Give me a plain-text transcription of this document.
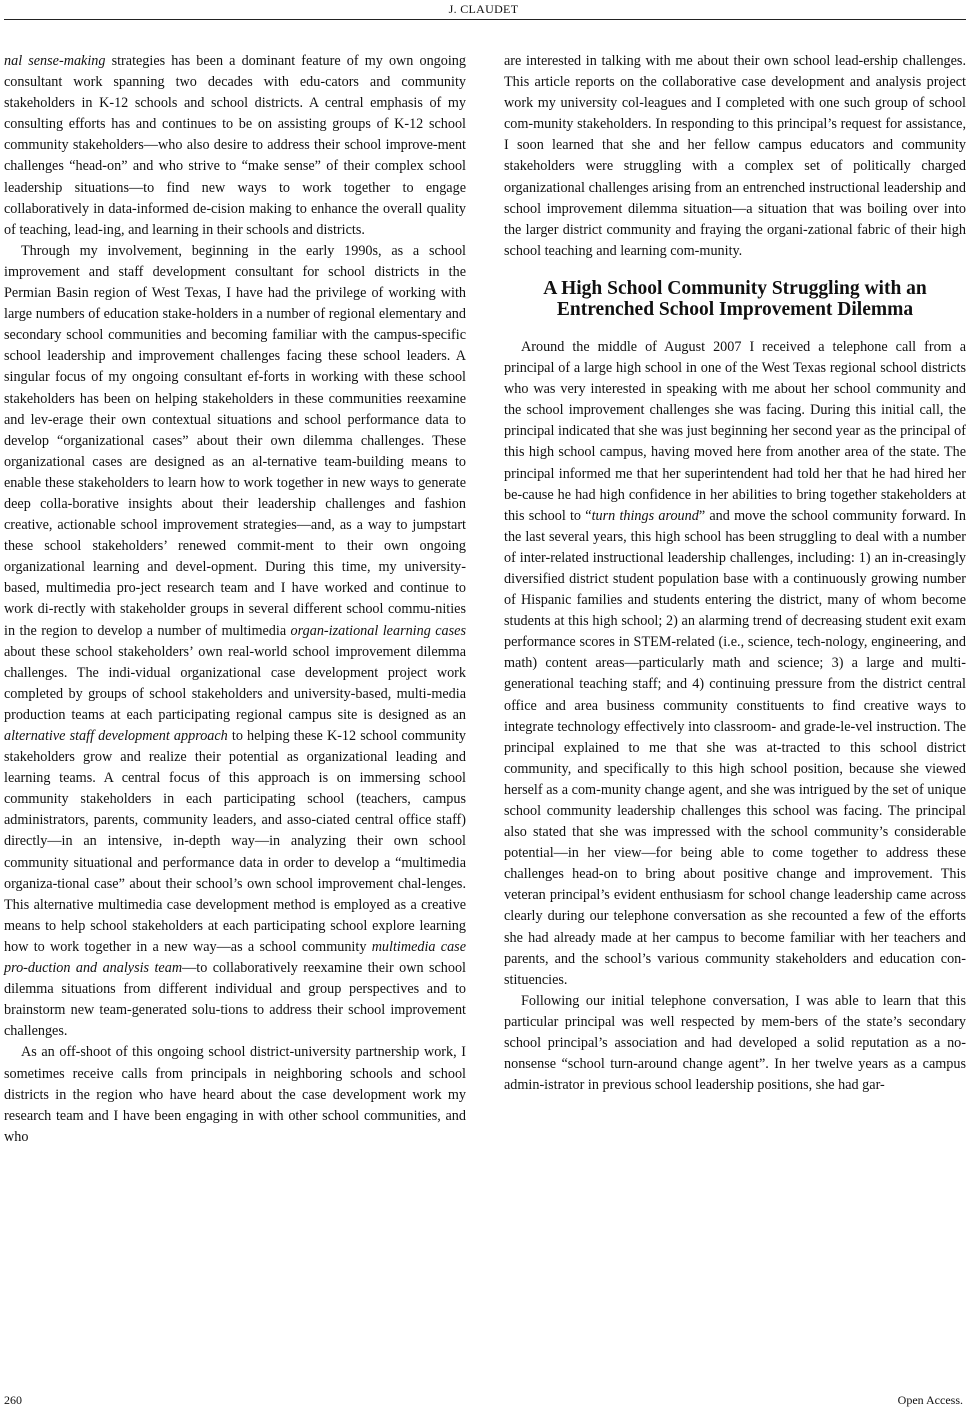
J. CLAUDET

nal sense-making strategies has been a dominant feature of my own ongoing consultant work spanning two decades with edu-cators and community stakeholders in K-12 schools and school districts. A central emphasis of my consulting efforts has and continues to be on assisting groups of K-12 school community stakeholders—who also desire to address their school improve-ment challenges “head-on” and who strive to “make sense” of their complex school leadership situations—to find new ways to work together to engage collaboratively in data-informed de-cision making to enhance the overall quality of teaching, lead-ing, and learning in their schools and districts.

Through my involvement, beginning in the early 1990s, as a school improvement and staff development consultant for school districts in the Permian Basin region of West Texas, I have had the privilege of working with large numbers of education stake-holders in a number of regional elementary and secondary school communities and becoming familiar with the campus-specific school leadership and improvement challenges facing these school leaders. A singular focus of my ongoing consultant ef-forts in working with these school stakeholders has been on helping stakeholders in these communities reexamine and lev-erage their own contextual situations and school performance data to develop “organizational cases” about their own dilemma challenges. These organizational cases are designed as an al-ternative team-building means to enable these stakeholders to learn how to work together in new ways to generate deep colla-borative insights about their leadership challenges and fashion creative, actionable school improvement strategies—and, as a way to jumpstart these school stakeholders’ renewed commit-ment to their own ongoing organizational learning and devel-opment. During this time, my university-based, multimedia pro-ject research team and I have worked and continue to work di-rectly with stakeholder groups in several different school commu-nities in the region to develop a number of multimedia organ-izational learning cases about these school stakeholders’ own real-world school improvement dilemma challenges. The indi-vidual organizational case development project work completed by groups of school stakeholders and university-based, multi-media production teams at each participating regional campus site is designed as an alternative staff development approach to helping these K-12 school community stakeholders grow and realize their potential as organizational leading and learning teams. A central focus of this approach is on immersing school community stakeholders in each participating school (teachers, campus administrators, parents, community leaders, and asso-ciated central office staff) directly—in an intensive, in-depth way—in analyzing their own school community situational and performance data in order to develop a “multimedia organiza-tional case” about their school’s own school improvement chal-lenges. This alternative multimedia case development method is employed as a creative means to help school stakeholders at each participating school explore learning how to work together in a new way—as a school community multimedia case pro-duction and analysis team—to collaboratively reexamine their own school dilemma situations from different individual and group perspectives and to brainstorm new team-generated solu-tions to address their school improvement challenges.

As an off-shoot of this ongoing school district-university partnership work, I sometimes receive calls from principals in neighboring schools and school districts in the region who have heard about the case development work my research team and I have been engaging in with other school communities, and who

are interested in talking with me about their own school lead-ership challenges. This article reports on the collaborative case development and analysis project work my university col-leagues and I completed with one such group of school com-munity stakeholders. In responding to this principal’s request for assistance, I soon learned that she and her fellow campus educators and community stakeholders were struggling with a complex set of politically charged organizational challenges arising from an entrenched instructional leadership and school improvement dilemma situation—a situation that was boiling over into the larger district community and fraying the organi-zational fabric of their high school teaching and learning com-munity.

A High School Community Struggling with an
Entrenched School Improvement Dilemma

Around the middle of August 2007 I received a telephone call from a principal of a large high school in one of the West Texas regional school districts who was very interested in speaking with me about her school community and the school improvement challenges she was facing. During this initial call, the principal indicated that she was just beginning her second year as the principal of this high school campus, having moved here from another area of the state. The principal informed me that her superintendent had told her that he had hired her be-cause he had high confidence in her abilities to bring together stakeholders at this school to “turn things around” and move the school community forward. In the last several years, this high school has been struggling to deal with a number of inter-related instructional leadership challenges, including: 1) an in-creasingly diversified district student population base with a continuously growing number of Hispanic families and students entering the district, many of whom become students at this high school; 2) an alarming trend of decreasing student exit exam performance scores in STEM-related (i.e., science, tech-nology, engineering, and math) content areas—particularly math and science; 3) a large and multi-generational teaching staff; and 4) continuing pressure from the district central office and area business community constituents to find creative ways to integrate technology effectively into classroom- and grade-le-vel instruction. The principal explained to me that she was at-tracted to this school district community, and specifically to this high school position, because she viewed herself as a com-munity change agent, and she was intrigued by the set of unique school community leadership challenges this school was facing. The principal also stated that she was impressed with the school community’s considerable potential—in her view—for being able to come together to address these challenges head-on to bring about positive change and improvement. This veteran principal’s evident enthusiasm for school change leadership came across clearly during our telephone conversation as she recounted a few of the efforts she had already made at her campus to become familiar with her teachers and parents, and the school’s various community stakeholders and education con-stituencies.

Following our initial telephone conversation, I was able to learn that this particular principal was well respected by mem-bers of the state’s secondary school principal’s association and had developed a solid reputation as a no-nonsense “school turn-around change agent”. In her twelve years as a campus admin-istrator in previous school leadership positions, she had gar-

260	Open Access.
